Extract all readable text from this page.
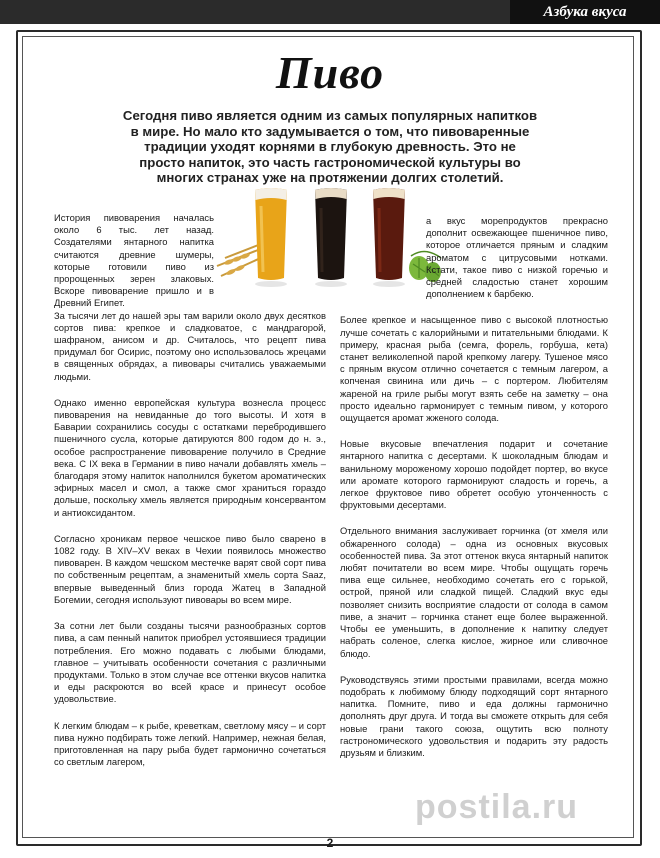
Азбука вкуса
Пиво
Сегодня пиво является одним из самых популярных напитков в мире. Но мало кто задумывается о том, что пивоваренные традиции уходят корнями в глубокую древность. Это не просто напиток, это часть гастрономической культуры во многих странах уже на протяжении долгих столетий.

История пивоварения началась около 6 тыс. лет назад. Создателями янтарного напитка считаются древние шумеры, которые готовили пиво из пророщенных зерен злаковых. Вскоре пивоварение пришло и в Древний Египет.

За тысячи лет до нашей эры там варили около двух десятков сортов пива: крепкое и сладковатое, с мандрагорой, шафраном, анисом и др. Считалось, что рецепт пива придумал бог Осирис, поэтому оно использовалось жрецами в священных обрядах, а пивовары считались уважаемыми людьми.

Однако именно европейская культура вознесла процесс пивоварения на невиданные до того высоты. И хотя в Баварии сохранились сосуды с остатками перебродившего пшеничного сусла, которые датируются 800 годом до н. э., особое распространение пивоварение получило в Средние века. С IX века в Германии в пиво начали добавлять хмель – благодаря этому напиток наполнился букетом ароматических эфирных масел и смол, а также смог храниться гораздо дольше, поскольку хмель является природным консервантом и антиоксидантом.

Согласно хроникам первое чешское пиво было сварено в 1082 году. В XIV–XV веках в Чехии появилось множество пивоварен. В каждом чешском местечке варят свой сорт пива по собственным рецептам, а знаменитый хмель сорта Saaz, впервые выведенный близ города Жатец в Западной Богемии, сегодня используют пивовары во всем мире.

За сотни лет были созданы тысячи разнообразных сортов пива, а сам пенный напиток приобрел устоявшиеся традиции потребления. Его можно подавать с любыми блюдами, главное – учитывать особенности сочетания с различными продуктами. Только в этом случае все оттенки вкусов напитка и еды раскроются во всей красе и принесут особое удовольствие.

К легким блюдам – к рыбе, креветкам, светлому мясу – и сорт пива нужно подбирать тоже легкий. Например, нежная белая, приготовленная на пару рыба будет гармонично сочетаться со светлым лагером,

а вкус морепродуктов прекрасно дополнит освежающее пшеничное пиво, которое отличается пряным и сладким ароматом с цитрусовыми нотками. Кстати, такое пиво с низкой горечью и средней сладостью станет хорошим дополнением к барбекю.

Более крепкое и насыщенное пиво с высокой плотностью лучше сочетать с калорийными и питательными блюдами. К примеру, красная рыба (семга, форель, горбуша, кета) станет великолепной парой крепкому лагеру. Тушеное мясо с пряным вкусом отлично сочетается с темным лагером, а копченая свинина или дичь – с портером. Любителям жареной на гриле рыбы могут взять себе на заметку – она просто идеально гармонирует с темным пивом, у которого ощущается аромат жженого солода.

Новые вкусовые впечатления подарит и сочетание янтарного напитка с десертами. К шоколадным блюдам и ванильному мороженому хорошо подойдет портер, во вкусе или аромате которого гармонируют сладость и горечь, а легкое фруктовое пиво обретет особую утонченность с фруктовыми десертами.

Отдельного внимания заслуживает горчинка (от хмеля или обжаренного солода) – одна из основных вкусовых особенностей пива. За этот оттенок вкуса янтарный напиток любят почитатели во всем мире. Чтобы ощущать горечь пива еще сильнее, необходимо сочетать его с горькой, острой, пряной или сладкой пищей. Сладкий вкус еды позволяет снизить восприятие сладости от солода в самом пиве, а значит – горчинка станет еще более выраженной. Чтобы ее уменьшить, в дополнение к напитку следует набрать соленое, слегка кислое, жирное или сливочное блюдо.

Руководствуясь этими простыми правилами, всегда можно подобрать к любимому блюду подходящий сорт янтарного напитка. Помните, пиво и еда должны гармонично дополнять друг друга. И тогда вы сможете открыть для себя новые грани такого союза, ощутить всю полноту гастрономического удовольствия и подарить эту радость друзьям и близким.

postila.ru
2
